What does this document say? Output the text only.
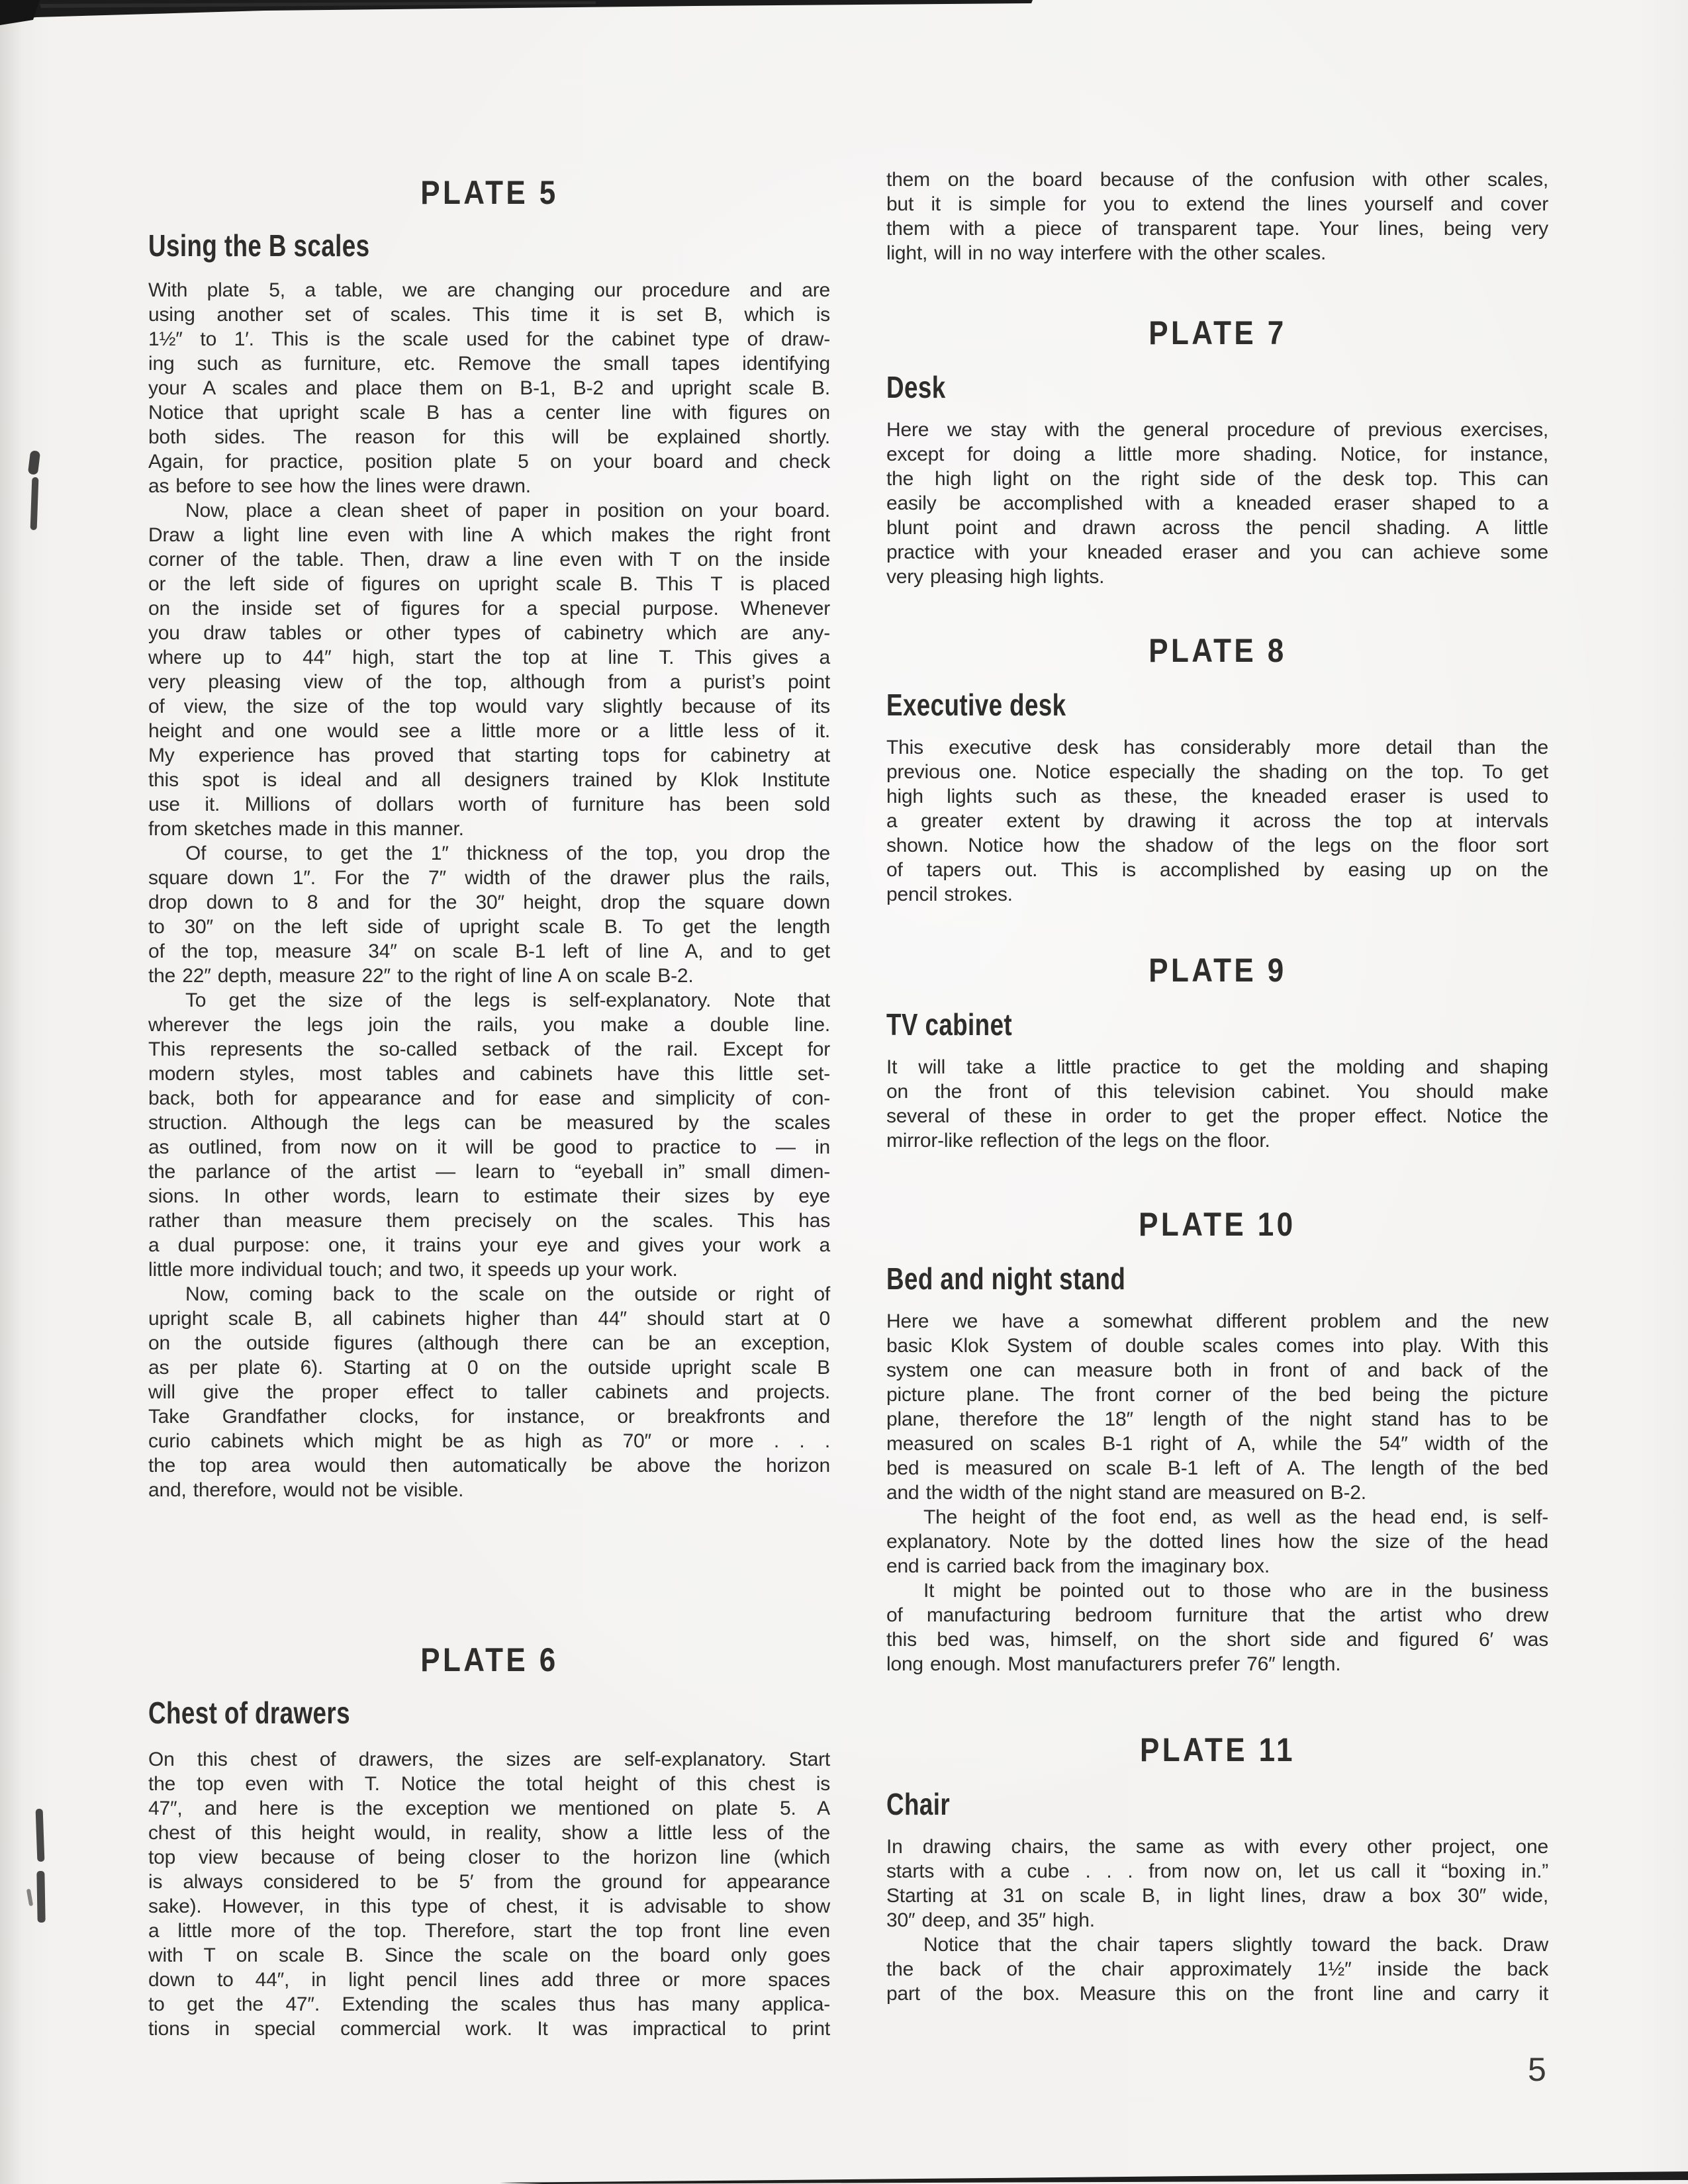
PLATE 5
Using the B scales
With plate 5, a table, we are changing our procedure and are
using another set of scales. This time it is set B, which is
1½″ to 1′. This is the scale used for the cabinet type of draw-
ing such as furniture, etc. Remove the small tapes identifying
your A scales and place them on B-1, B-2 and upright scale B.
Notice that upright scale B has a center line with figures on
both sides. The reason for this will be explained shortly.
Again, for practice, position plate 5 on your board and check
as before to see how the lines were drawn.
Now, place a clean sheet of paper in position on your board.
Draw a light line even with line A which makes the right front
corner of the table. Then, draw a line even with T on the inside
or the left side of figures on upright scale B. This T is placed
on the inside set of figures for a special purpose. Whenever
you draw tables or other types of cabinetry which are any-
where up to 44″ high, start the top at line T. This gives a
very pleasing view of the top, although from a purist’s point
of view, the size of the top would vary slightly because of its
height and one would see a little more or a little less of it.
My experience has proved that starting tops for cabinetry at
this spot is ideal and all designers trained by Klok Institute
use it. Millions of dollars worth of furniture has been sold
from sketches made in this manner.
Of course, to get the 1″ thickness of the top, you drop the
square down 1″. For the 7″ width of the drawer plus the rails,
drop down to 8 and for the 30″ height, drop the square down
to 30″ on the left side of upright scale B. To get the length
of the top, measure 34″ on scale B-1 left of line A, and to get
the 22″ depth, measure 22″ to the right of line A on scale B-2.
To get the size of the legs is self-explanatory. Note that
wherever the legs join the rails, you make a double line.
This represents the so-called setback of the rail. Except for
modern styles, most tables and cabinets have this little set-
back, both for appearance and for ease and simplicity of con-
struction. Although the legs can be measured by the scales
as outlined, from now on it will be good to practice to — in
the parlance of the artist — learn to “eyeball in” small dimen-
sions. In other words, learn to estimate their sizes by eye
rather than measure them precisely on the scales. This has
a dual purpose: one, it trains your eye and gives your work a
little more individual touch; and two, it speeds up your work.
Now, coming back to the scale on the outside or right of
upright scale B, all cabinets higher than 44″ should start at 0
on the outside figures (although there can be an exception,
as per plate 6). Starting at 0 on the outside upright scale B
will give the proper effect to taller cabinets and projects.
Take Grandfather clocks, for instance, or breakfronts and
curio cabinets which might be as high as 70″ or more . . .
the top area would then automatically be above the horizon
and, therefore, would not be visible.
PLATE 6
Chest of drawers
On this chest of drawers, the sizes are self-explanatory. Start
the top even with T. Notice the total height of this chest is
47″, and here is the exception we mentioned on plate 5. A
chest of this height would, in reality, show a little less of the
top view because of being closer to the horizon line (which
is always considered to be 5′ from the ground for appearance
sake). However, in this type of chest, it is advisable to show
a little more of the top. Therefore, start the top front line even
with T on scale B. Since the scale on the board only goes
down to 44″, in light pencil lines add three or more spaces
to get the 47″. Extending the scales thus has many applica-
tions in special commercial work. It was impractical to print
them on the board because of the confusion with other scales,
but it is simple for you to extend the lines yourself and cover
them with a piece of transparent tape. Your lines, being very
light, will in no way interfere with the other scales.
PLATE 7
Desk
Here we stay with the general procedure of previous exercises,
except for doing a little more shading. Notice, for instance,
the high light on the right side of the desk top. This can
easily be accomplished with a kneaded eraser shaped to a
blunt point and drawn across the pencil shading. A little
practice with your kneaded eraser and you can achieve some
very pleasing high lights.
PLATE 8
Executive desk
This executive desk has considerably more detail than the
previous one. Notice especially the shading on the top. To get
high lights such as these, the kneaded eraser is used to
a greater extent by drawing it across the top at intervals
shown. Notice how the shadow of the legs on the floor sort
of tapers out. This is accomplished by easing up on the
pencil strokes.
PLATE 9
TV cabinet
It will take a little practice to get the molding and shaping
on the front of this television cabinet. You should make
several of these in order to get the proper effect. Notice the
mirror-like reflection of the legs on the floor.
PLATE 10
Bed and night stand
Here we have a somewhat different problem and the new
basic Klok System of double scales comes into play. With this
system one can measure both in front of and back of the
picture plane. The front corner of the bed being the picture
plane, therefore the 18″ length of the night stand has to be
measured on scales B-1 right of A, while the 54″ width of the
bed is measured on scale B-1 left of A. The length of the bed
and the width of the night stand are measured on B-2.
The height of the foot end, as well as the head end, is self-
explanatory. Note by the dotted lines how the size of the head
end is carried back from the imaginary box.
It might be pointed out to those who are in the business
of manufacturing bedroom furniture that the artist who drew
this bed was, himself, on the short side and figured 6′ was
long enough. Most manufacturers prefer 76″ length.
PLATE 11
Chair
In drawing chairs, the same as with every other project, one
starts with a cube . . . from now on, let us call it “boxing in.”
Starting at 31 on scale B, in light lines, draw a box 30″ wide,
30″ deep, and 35″ high.
Notice that the chair tapers slightly toward the back. Draw
the back of the chair approximately 1½″ inside the back
part of the box. Measure this on the front line and carry it
5
